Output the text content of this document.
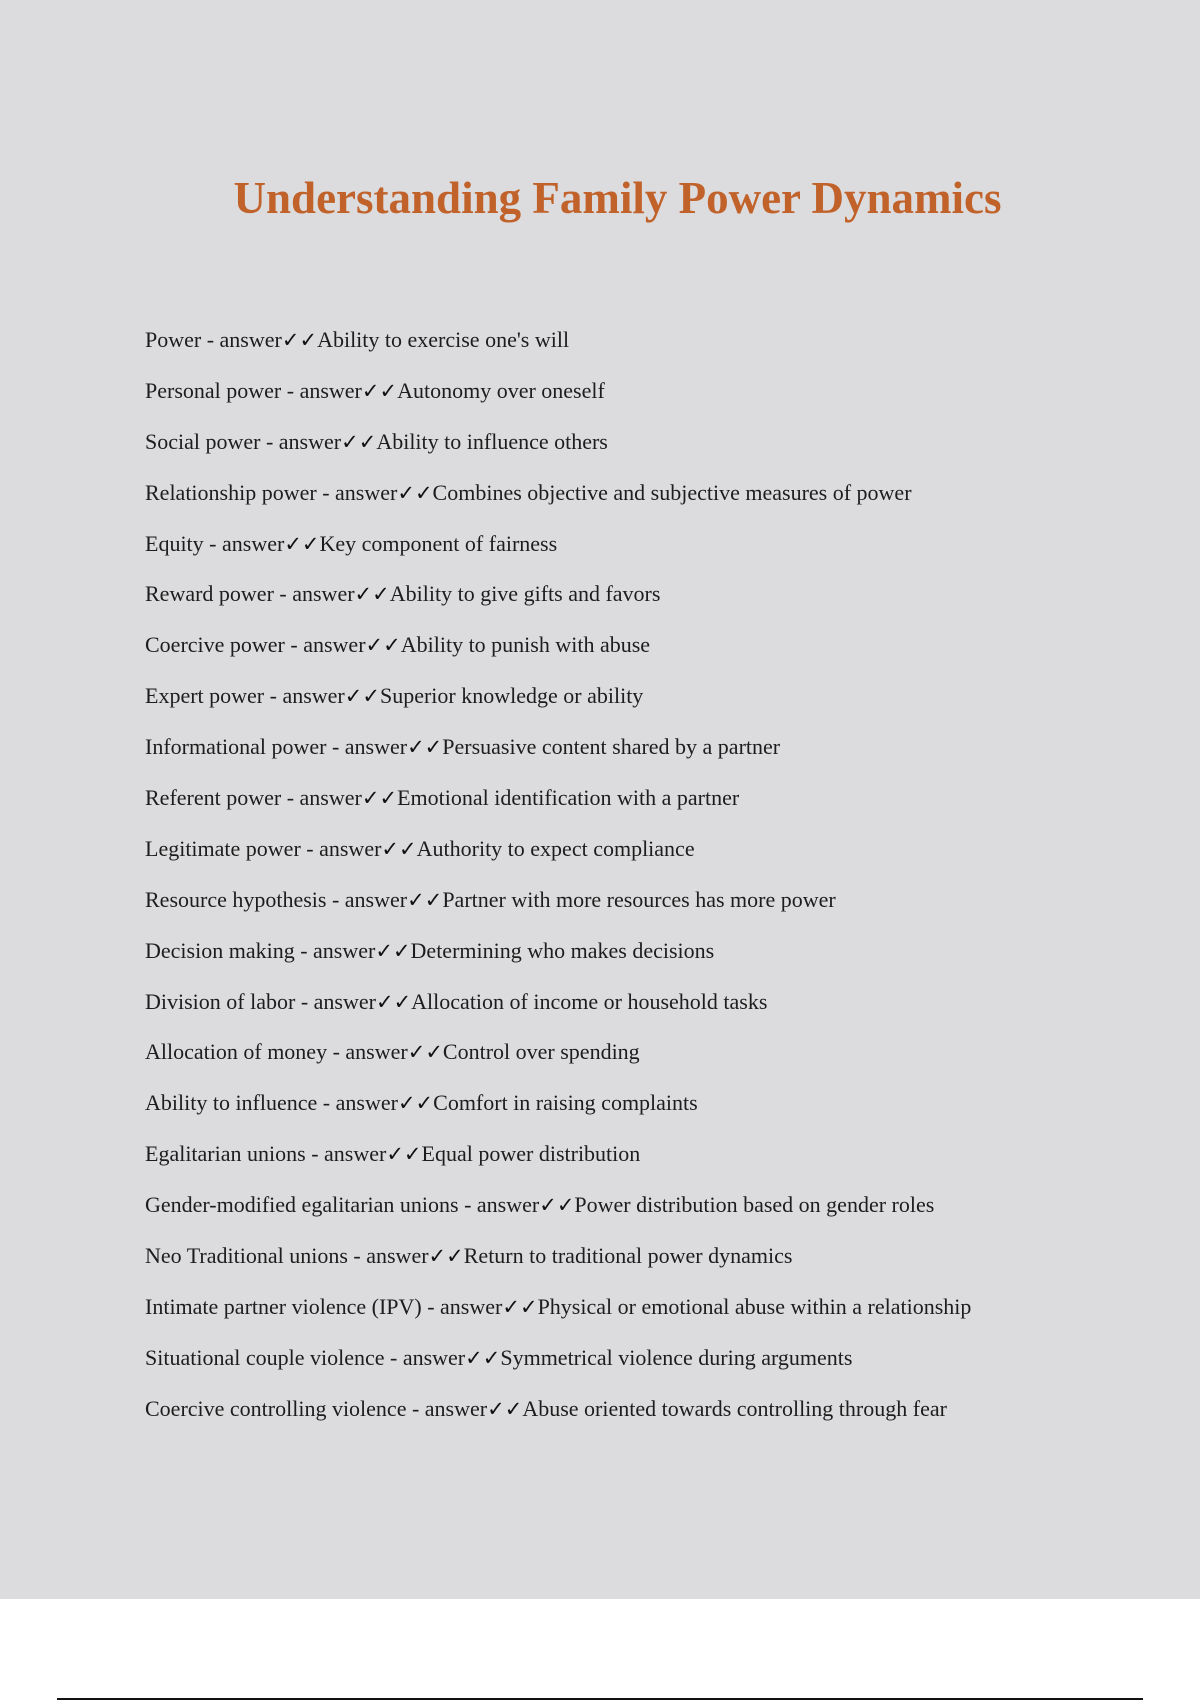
Understanding Family Power Dynamics
Power - answer✓✓Ability to exercise one's will
Personal power - answer✓✓Autonomy over oneself
Social power - answer✓✓Ability to influence others
Relationship power - answer✓✓Combines objective and subjective measures of power
Equity - answer✓✓Key component of fairness
Reward power - answer✓✓Ability to give gifts and favors
Coercive power - answer✓✓Ability to punish with abuse
Expert power - answer✓✓Superior knowledge or ability
Informational power - answer✓✓Persuasive content shared by a partner
Referent power - answer✓✓Emotional identification with a partner
Legitimate power - answer✓✓Authority to expect compliance
Resource hypothesis - answer✓✓Partner with more resources has more power
Decision making - answer✓✓Determining who makes decisions
Division of labor - answer✓✓Allocation of income or household tasks
Allocation of money - answer✓✓Control over spending
Ability to influence - answer✓✓Comfort in raising complaints
Egalitarian unions - answer✓✓Equal power distribution
Gender-modified egalitarian unions - answer✓✓Power distribution based on gender roles
Neo Traditional unions - answer✓✓Return to traditional power dynamics
Intimate partner violence (IPV) - answer✓✓Physical or emotional abuse within a relationship
Situational couple violence - answer✓✓Symmetrical violence during arguments
Coercive controlling violence - answer✓✓Abuse oriented towards controlling through fear
